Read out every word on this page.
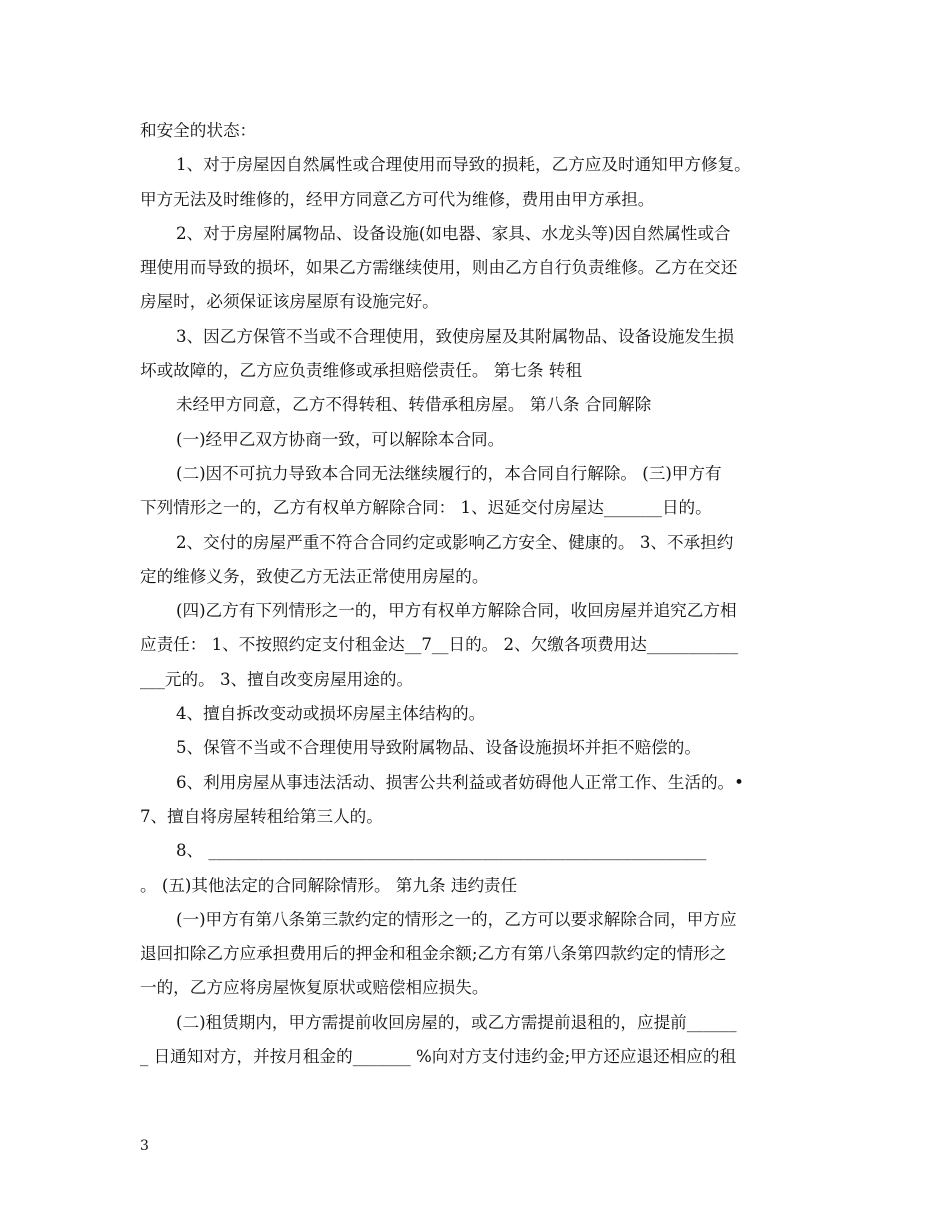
和安全的状态：
1、对于房屋因自然属性或合理使用而导致的损耗，乙方应及时通知甲方修复。
甲方无法及时维修的，经甲方同意乙方可代为维修，费用由甲方承担。
2、对于房屋附属物品、设备设施(如电器、家具、水龙头等)因自然属性或合
理使用而导致的损坏，如果乙方需继续使用，则由乙方自行负责维修。乙方在交还
房屋时，必须保证该房屋原有设施完好。
3、因乙方保管不当或不合理使用，致使房屋及其附属物品、设备设施发生损
坏或故障的，乙方应负责维修或承担赔偿责任。 第七条 转租
未经甲方同意，乙方不得转租、转借承租房屋。 第八条 合同解除
(一)经甲乙双方协商一致，可以解除本合同。
(二)因不可抗力导致本合同无法继续履行的，本合同自行解除。 (三)甲方有
下列情形之一的，乙方有权单方解除合同： 1、迟延交付房屋达_______日的。
2、交付的房屋严重不符合合同约定或影响乙方安全、健康的。 3、不承担约
定的维修义务，致使乙方无法正常使用房屋的。
(四)乙方有下列情形之一的，甲方有权单方解除合同，收回房屋并追究乙方相
应责任： 1、不按照约定支付租金达__7__日的。 2、欠缴各项费用达___________
___元的。 3、擅自改变房屋用途的。
4、擅自拆改变动或损坏房屋主体结构的。
5、保管不当或不合理使用导致附属物品、设备设施损坏并拒不赔偿的。
6、利用房屋从事违法活动、损害公共利益或者妨碍他人正常工作、生活的。•
7、擅自将房屋转租给第三人的。
8、 ____________________________________________________________
。 (五)其他法定的合同解除情形。 第九条 违约责任
(一)甲方有第八条第三款约定的情形之一的，乙方可以要求解除合同，甲方应
退回扣除乙方应承担费用后的押金和租金余额;乙方有第八条第四款约定的情形之
一的，乙方应将房屋恢复原状或赔偿相应损失。
(二)租赁期内，甲方需提前收回房屋的，或乙方需提前退租的，应提前______
_ 日通知对方，并按月租金的_______ %向对方支付违约金;甲方还应退还相应的租
3
